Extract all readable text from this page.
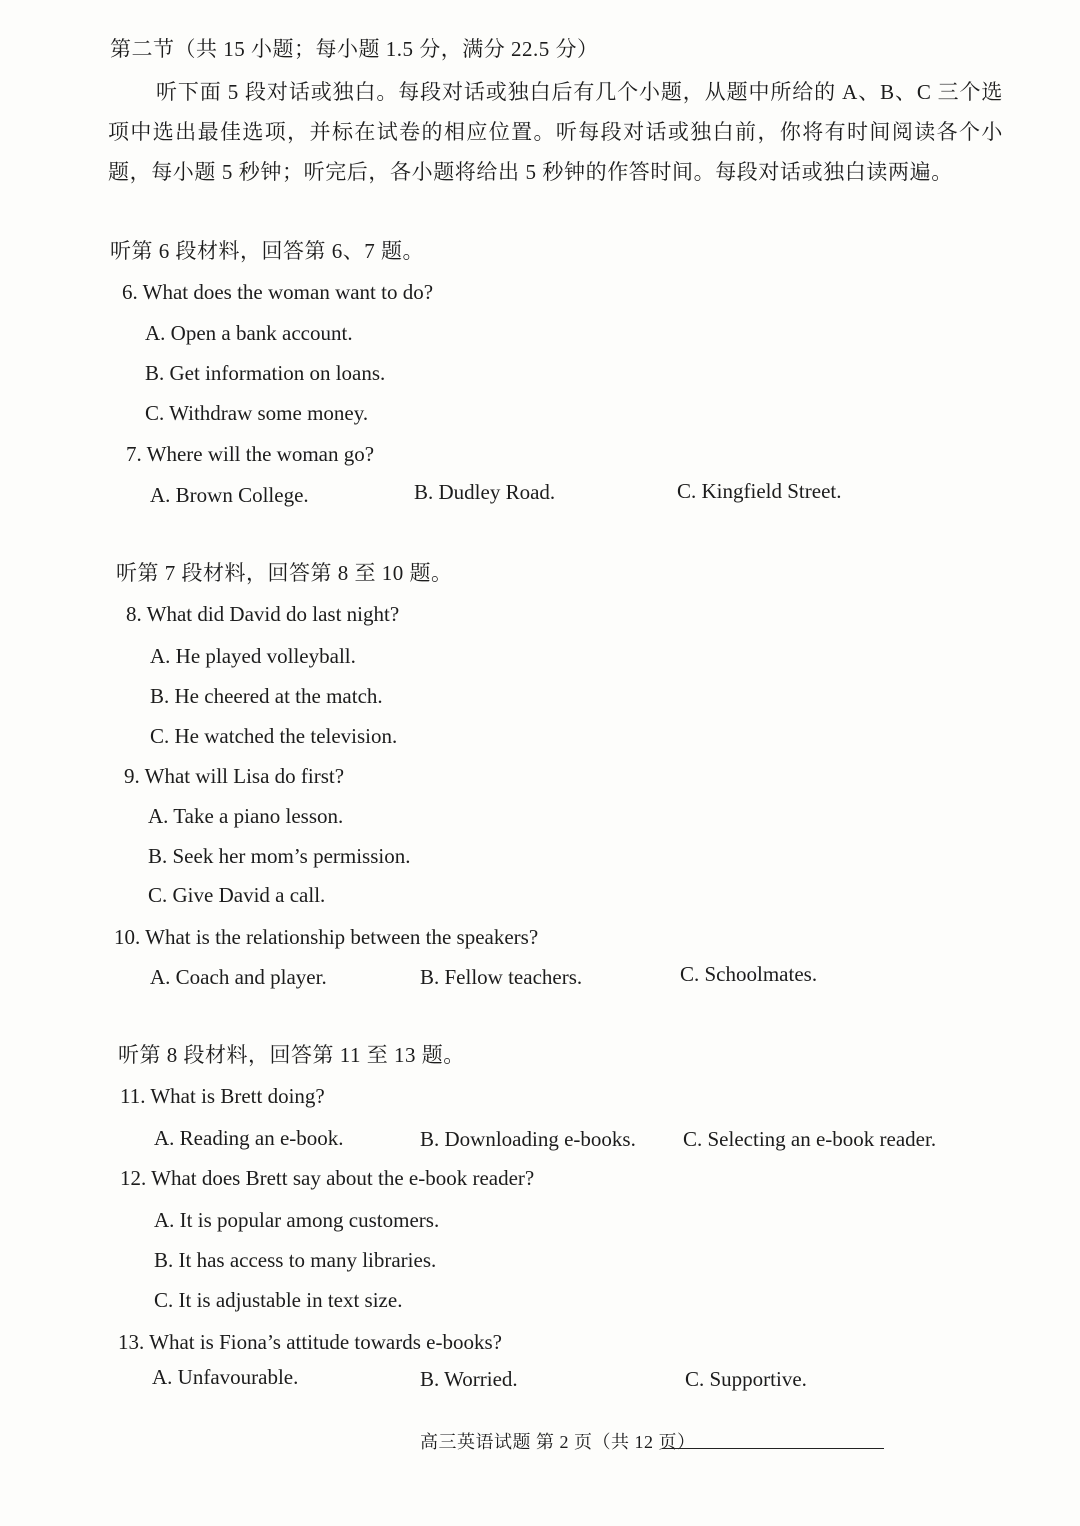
第二节（共 15 小题；每小题 1.5 分，满分 22.5 分）
听下面 5 段对话或独白。每段对话或独白后有几个小题，从题中所给的 A、B、C 三个选项中选出最佳选项，并标在试卷的相应位置。听每段对话或独白前，你将有时间阅读各个小题，每小题 5 秒钟；听完后，各小题将给出 5 秒钟的作答时间。每段对话或独白读两遍。
听第 6 段材料，回答第 6、7 题。
6. What does the woman want to do?
A. Open a bank account.
B. Get information on loans.
C. Withdraw some money.
7. Where will the woman go?
A. Brown College.	B. Dudley Road.	C. Kingfield Street.
听第 7 段材料，回答第 8 至 10 题。
8. What did David do last night?
A. He played volleyball.
B. He cheered at the match.
C. He watched the television.
9. What will Lisa do first?
A. Take a piano lesson.
B. Seek her mom’s permission.
C. Give David a call.
10. What is the relationship between the speakers?
A. Coach and player.	B. Fellow teachers.	C. Schoolmates.
听第 8 段材料，回答第 11 至 13 题。
11. What is Brett doing?
A. Reading an e-book.	B. Downloading e-books. C. Selecting an e-book reader.
12. What does Brett say about the e-book reader?
A. It is popular among customers.
B. It has access to many libraries.
C. It is adjustable in text size.
13. What is Fiona’s attitude towards e-books?
A. Unfavourable.	B. Worried.	C. Supportive.
高三英语试题 第 2 页（共 12 页）
